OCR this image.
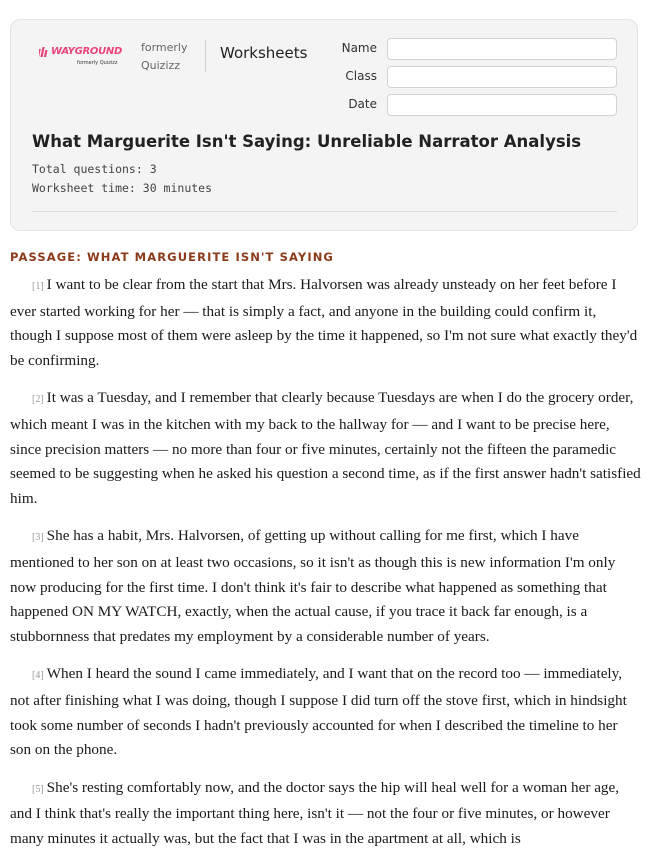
WAYGROUND
formerly Quizizz
formerly
Quizizz
Worksheets	Name
Class
Date
What Marguerite Isn't Saying: Unreliable Narrator Analysis
Total questions: 3
Worksheet time: 30 minutes
PASSAGE: WHAT MARGUERITE ISN'T SAYING

[1] I want to be clear from the start that Mrs. Halvorsen was already unsteady on her feet before I ever started working for her — that is simply a fact, and anyone in the building could confirm it, though I suppose most of them were asleep by the time it happened, so I'm not sure what exactly they'd be confirming.

[2] It was a Tuesday, and I remember that clearly because Tuesdays are when I do the grocery order, which meant I was in the kitchen with my back to the hallway for — and I want to be precise here, since precision matters — no more than four or five minutes, certainly not the fifteen the paramedic seemed to be suggesting when he asked his question a second time, as if the first answer hadn't satisfied him.

[3] She has a habit, Mrs. Halvorsen, of getting up without calling for me first, which I have mentioned to her son on at least two occasions, so it isn't as though this is new information I'm only now producing for the first time. I don't think it's fair to describe what happened as something that happened ON MY WATCH, exactly, when the actual cause, if you trace it back far enough, is a stubbornness that predates my employment by a considerable number of years.

[4] When I heard the sound I came immediately, and I want that on the record too — immediately, not after finishing what I was doing, though I suppose I did turn off the stove first, which in hindsight took some number of seconds I hadn't previously accounted for when I described the timeline to her son on the phone.

[5] She's resting comfortably now, and the doctor says the hip will heal well for a woman her age, and I think that's really the important thing here, isn't it — not the four or five minutes, or however many minutes it actually was, but the fact that I was in the apartment at all, which is
